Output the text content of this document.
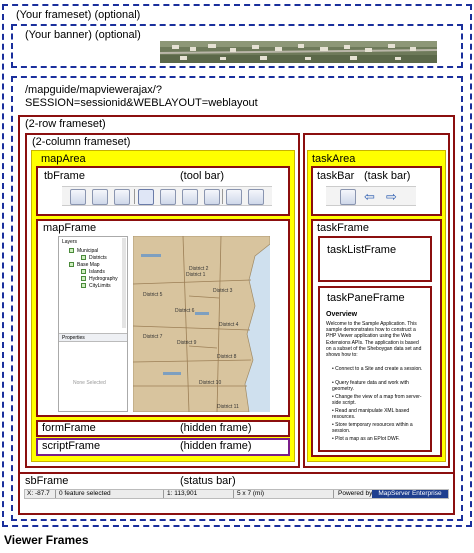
(Your frameset) (optional)
(Your banner) (optional)
/mapguide/mapviewerajax/?
SESSION=sessionid&WEBLAYOUT=weblayout
(2-row frameset)
(2-column frameset)
mapArea
tbFrame	(tool bar)
mapFrame
Layers
Municipal
Districts
Base Map
Islands
Hydrography
CityLimits
Properties
None Selected
District 1
District 2
District 3
District 4
District 5
District 6
District 7
District 8
District 9
District 10
District 11
formFrame	(hidden frame)
scriptFrame	(hidden frame)
taskArea
taskBar (task bar)
⇦ ⇨
taskFrame
taskListFrame
taskPaneFrame
Overview
Welcome to the Sample Application. This sample demonstrates how to construct a PHP Viewer application using the Web Extensions APIs. The application is based on a subset of the Sheboygan data set and shows how to:
• Connect to a Site and create a session.
• Query feature data and work with geometry.
• Change the view of a map from server-side script.
• Read and manipulate XML based resources.
• Store temporary resources within a session.
• Plot a map as an EPlot DWF.
sbFrame	(status bar)
X: -87.7 0 feature selected	1: 113,901	5 x 7 (mi)	Powered by MapServer Enterprise
Viewer Frames
